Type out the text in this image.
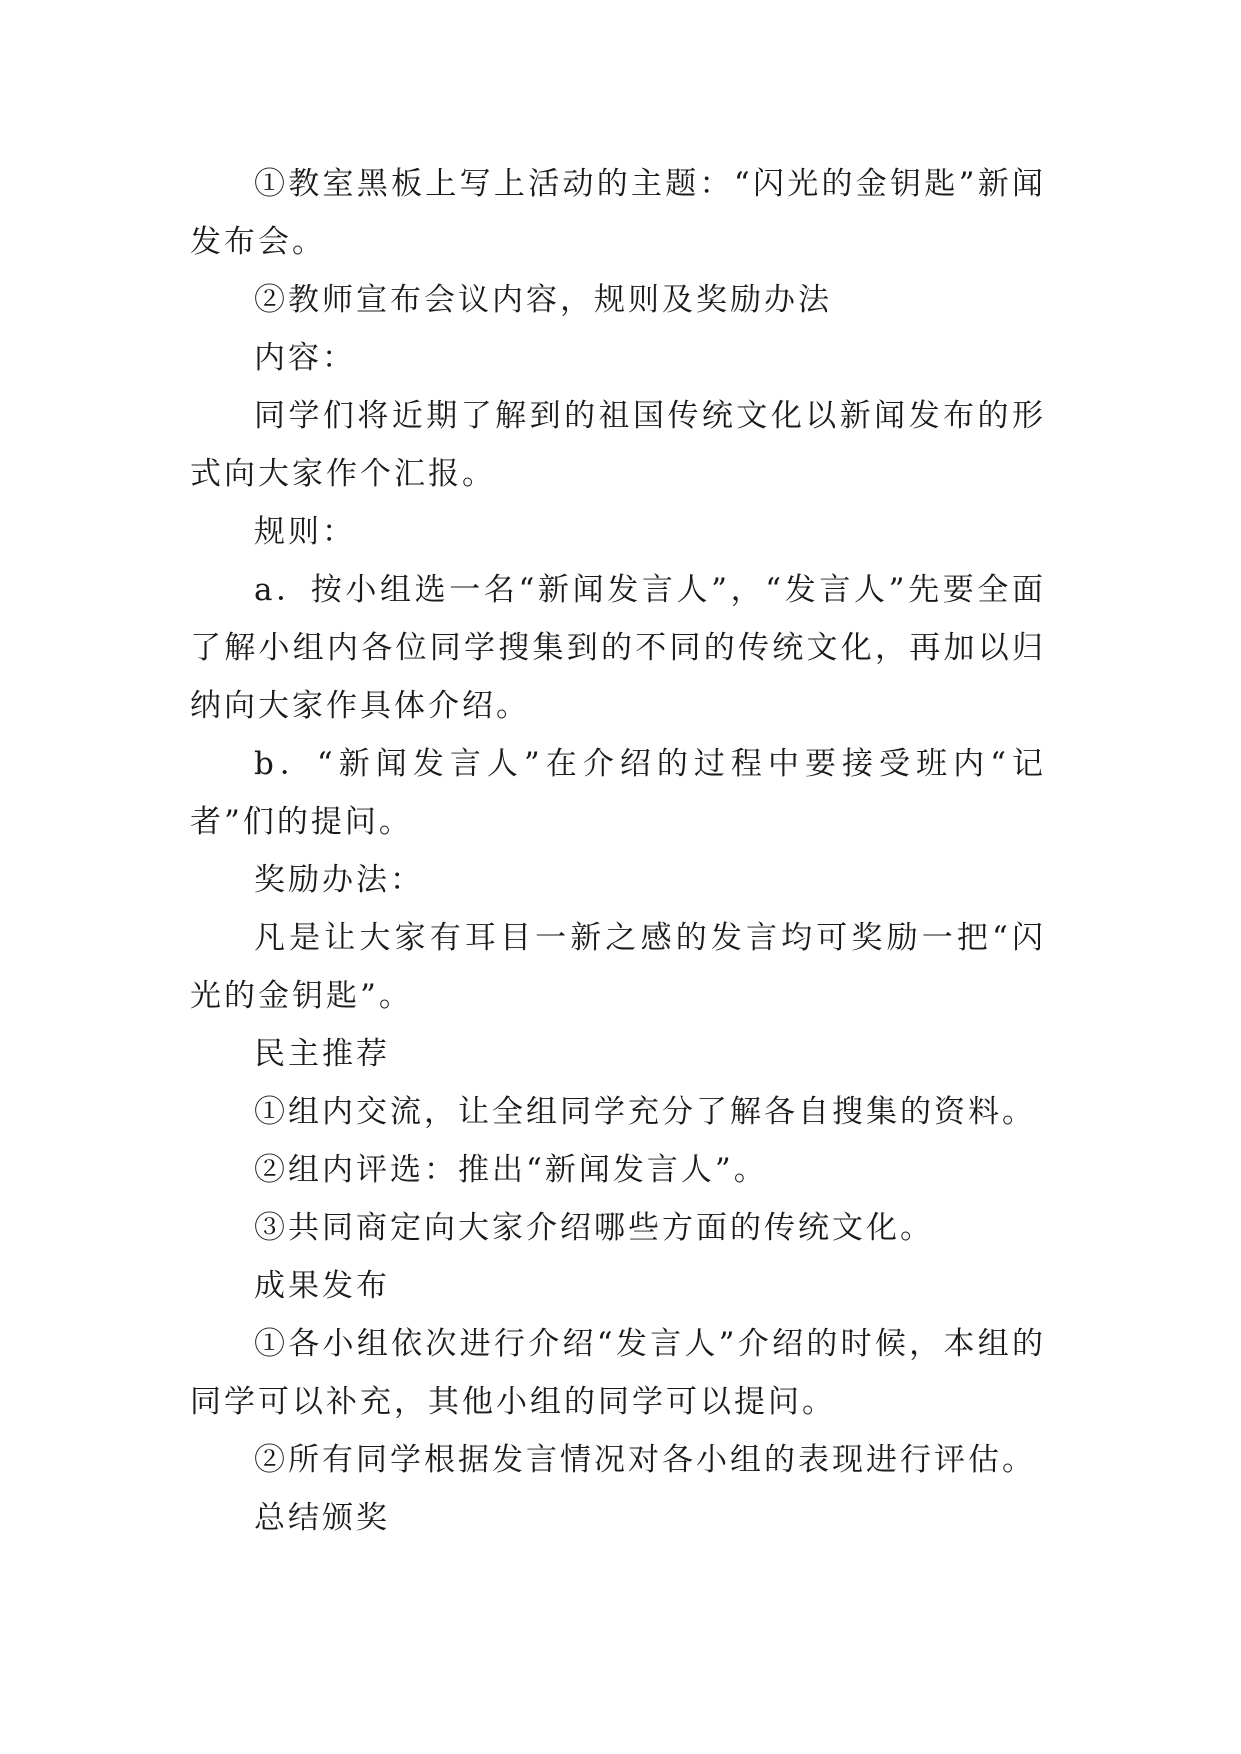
①教室黑板上写上活动的主题：“闪光的金钥匙”新闻发布会。

②教师宣布会议内容，规则及奖励办法

内容：

同学们将近期了解到的祖国传统文化以新闻发布的形式向大家作个汇报。

规则：

a．按小组选一名“新闻发言人”，“发言人”先要全面了解小组内各位同学搜集到的不同的传统文化，再加以归纳向大家作具体介绍。

b．“新闻发言人”在介绍的过程中要接受班内“记者”们的提问。

奖励办法：

凡是让大家有耳目一新之感的发言均可奖励一把“闪光的金钥匙”。

民主推荐

①组内交流，让全组同学充分了解各自搜集的资料。

②组内评选：推出“新闻发言人”。

③共同商定向大家介绍哪些方面的传统文化。

成果发布

①各小组依次进行介绍“发言人”介绍的时候，本组的同学可以补充，其他小组的同学可以提问。

②所有同学根据发言情况对各小组的表现进行评估。

总结颁奖
